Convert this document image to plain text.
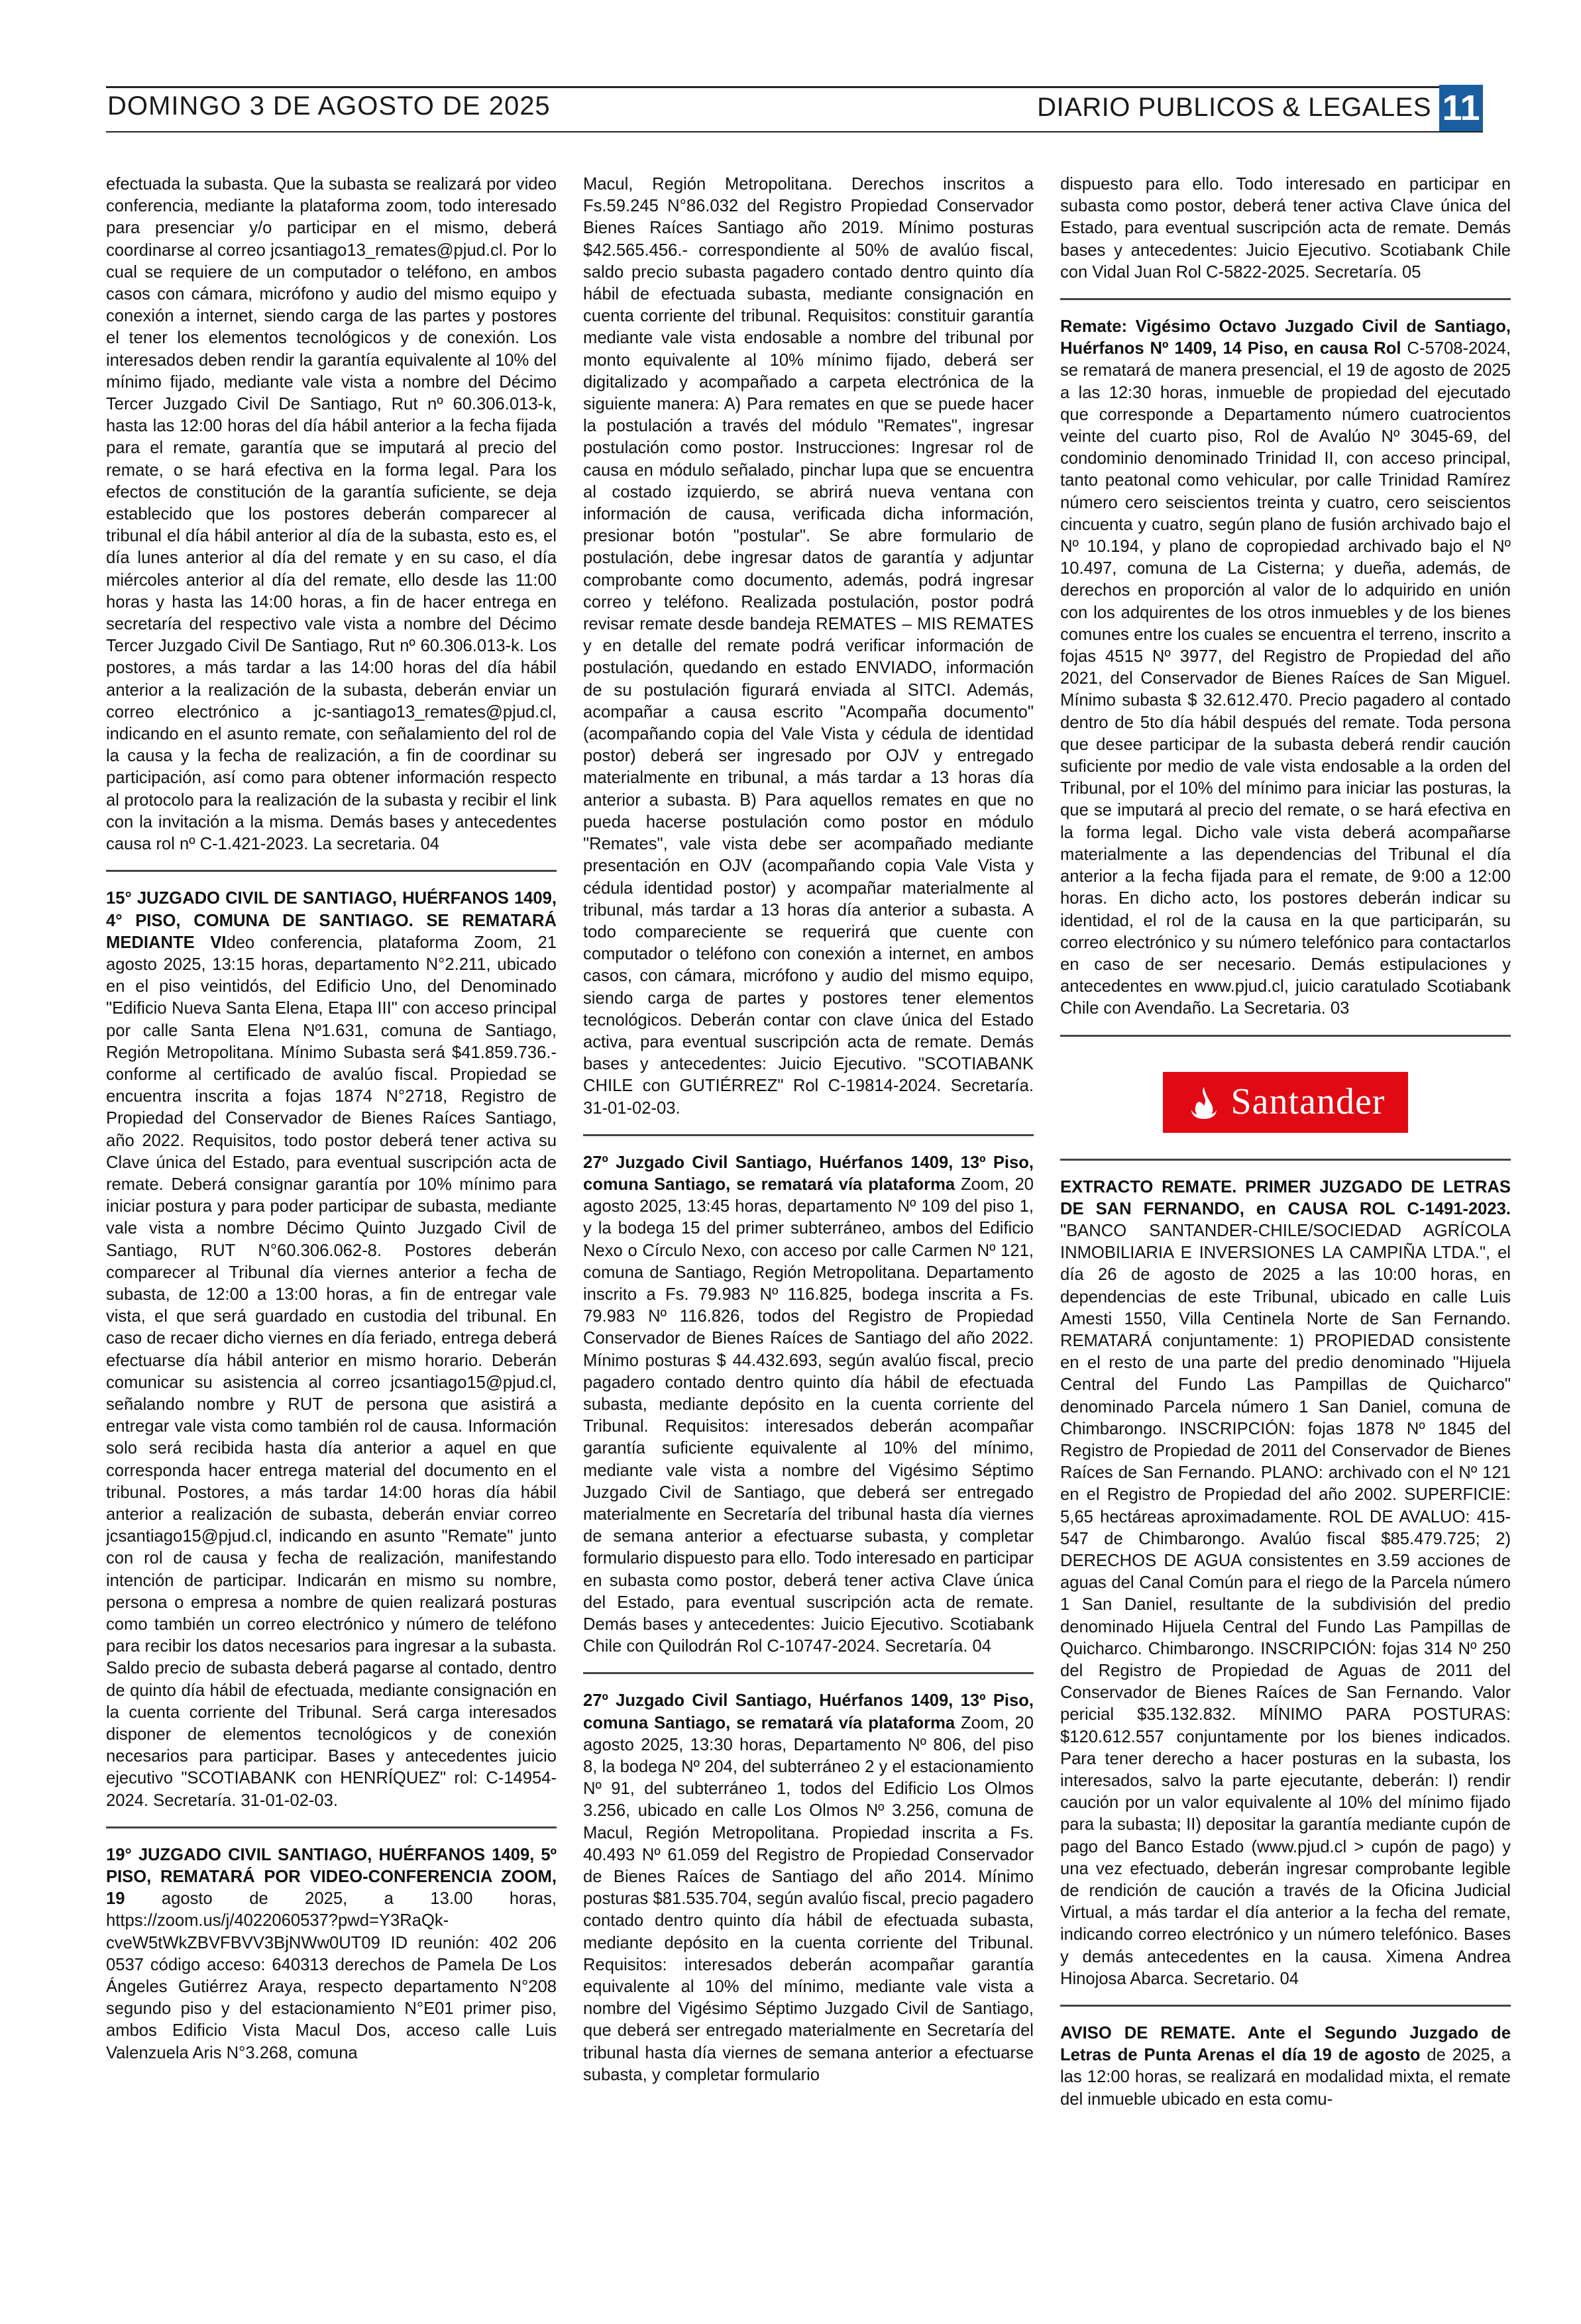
DOMINGO 3 DE AGOSTO DE 2025	DIARIO PUBLICOS & LEGALES 11

efectuada la subasta. Que la subasta se realizará por video conferencia, mediante la plataforma zoom, todo interesado para presenciar y/o participar en el mismo, deberá coordinarse al correo jcsantiago13_remates@pjud.cl. Por lo cual se requiere de un computador o teléfono, en ambos casos con cámara, micrófono y audio del mismo equipo y conexión a internet, siendo carga de las partes y postores el tener los elementos tecnológicos y de conexión. Los interesados deben rendir la garantía equivalente al 10% del mínimo fijado, mediante vale vista a nombre del Décimo Tercer Juzgado Civil De Santiago, Rut nº 60.306.013-k, hasta las 12:00 horas del día hábil anterior a la fecha fijada para el remate, garantía que se imputará al precio del remate, o se hará efectiva en la forma legal. Para los efectos de constitución de la garantía suficiente, se deja establecido que los postores deberán comparecer al tribunal el día hábil anterior al día de la subasta, esto es, el día lunes anterior al día del remate y en su caso, el día miércoles anterior al día del remate, ello desde las 11:00 horas y hasta las 14:00 horas, a fin de hacer entrega en secretaría del respectivo vale vista a nombre del Décimo Tercer Juzgado Civil De Santiago, Rut nº 60.306.013-k. Los postores, a más tardar a las 14:00 horas del día hábil anterior a la realización de la subasta, deberán enviar un correo electrónico a jc-santiago13_remates@pjud.cl, indicando en el asunto remate, con señalamiento del rol de la causa y la fecha de realización, a fin de coordinar su participación, así como para obtener información respecto al protocolo para la realización de la subasta y recibir el link con la invitación a la misma. Demás bases y antecedentes causa rol nº C-1.421-2023. La secretaria. 04

15° JUZGADO CIVIL DE SANTIAGO, HUÉRFANOS 1409, 4° PISO, COMUNA DE SANTIAGO. SE REMATARÁ MEDIANTE VIdeo conferencia, plataforma Zoom, 21 agosto 2025, 13:15 horas, departamento N°2.211, ubicado en el piso veintidós, del Edificio Uno, del Denominado "Edificio Nueva Santa Elena, Etapa III" con acceso principal por calle Santa Elena Nº1.631, comuna de Santiago, Región Metropolitana. Mínimo Subasta será $41.859.736.- conforme al certificado de avalúo fiscal. Propiedad se encuentra inscrita a fojas 1874 N°2718, Registro de Propiedad del Conservador de Bienes Raíces Santiago, año 2022. Requisitos, todo postor deberá tener activa su Clave única del Estado, para eventual suscripción acta de remate. Deberá consignar garantía por 10% mínimo para iniciar postura y para poder participar de subasta, mediante vale vista a nombre Décimo Quinto Juzgado Civil de Santiago, RUT N°60.306.062-8. Postores deberán comparecer al Tribunal día viernes anterior a fecha de subasta, de 12:00 a 13:00 horas, a fin de entregar vale vista, el que será guardado en custodia del tribunal. En caso de recaer dicho viernes en día feriado, entrega deberá efectuarse día hábil anterior en mismo horario. Deberán comunicar su asistencia al correo jcsantiago15@pjud.cl, señalando nombre y RUT de persona que asistirá a entregar vale vista como también rol de causa. Información solo será recibida hasta día anterior a aquel en que corresponda hacer entrega material del documento en el tribunal. Postores, a más tardar 14:00 horas día hábil anterior a realización de subasta, deberán enviar correo jcsantiago15@pjud.cl, indicando en asunto "Remate" junto con rol de causa y fecha de realización, manifestando intención de participar. Indicarán en mismo su nombre, persona o empresa a nombre de quien realizará posturas como también un correo electrónico y número de teléfono para recibir los datos necesarios para ingresar a la subasta. Saldo precio de subasta deberá pagarse al contado, dentro de quinto día hábil de efectuada, mediante consignación en la cuenta corriente del Tribunal. Será carga interesados disponer de elementos tecnológicos y de conexión necesarios para participar. Bases y antecedentes juicio ejecutivo "SCOTIABANK con HENRÍQUEZ" rol: C-14954-2024. Secretaría. 31-01-02-03.

19° JUZGADO CIVIL SANTIAGO, HUÉRFANOS 1409, 5º PISO, REMATARÁ POR VIDEO-CONFERENCIA ZOOM, 19 agosto de 2025, a 13.00 horas, https://zoom.us/j/4022060537?pwd=Y3RaQk-cveW5tWkZBVFBVV3BjNWw0UT09 ID reunión: 402 206 0537 código acceso: 640313 derechos de Pamela De Los Ángeles Gutiérrez Araya, respecto departamento N°208 segundo piso y del estacionamiento N°E01 primer piso, ambos Edificio Vista Macul Dos, acceso calle Luis Valenzuela Aris N°3.268, comuna

Macul, Región Metropolitana. Derechos inscritos a Fs.59.245 N°86.032 del Registro Propiedad Conservador Bienes Raíces Santiago año 2019. Mínimo posturas $42.565.456.- correspondiente al 50% de avalúo fiscal, saldo precio subasta pagadero contado dentro quinto día hábil de efectuada subasta, mediante consignación en cuenta corriente del tribunal. Requisitos: constituir garantía mediante vale vista endosable a nombre del tribunal por monto equivalente al 10% mínimo fijado, deberá ser digitalizado y acompañado a carpeta electrónica de la siguiente manera: A) Para remates en que se puede hacer la postulación a través del módulo "Remates", ingresar postulación como postor. Instrucciones: Ingresar rol de causa en módulo señalado, pinchar lupa que se encuentra al costado izquierdo, se abrirá nueva ventana con información de causa, verificada dicha información, presionar botón "postular". Se abre formulario de postulación, debe ingresar datos de garantía y adjuntar comprobante como documento, además, podrá ingresar correo y teléfono. Realizada postulación, postor podrá revisar remate desde bandeja REMATES – MIS REMATES y en detalle del remate podrá verificar información de postulación, quedando en estado ENVIADO, información de su postulación figurará enviada al SITCI. Además, acompañar a causa escrito "Acompaña documento" (acompañando copia del Vale Vista y cédula de identidad postor) deberá ser ingresado por OJV y entregado materialmente en tribunal, a más tardar a 13 horas día anterior a subasta. B) Para aquellos remates en que no pueda hacerse postulación como postor en módulo "Remates", vale vista debe ser acompañado mediante presentación en OJV (acompañando copia Vale Vista y cédula identidad postor) y acompañar materialmente al tribunal, más tardar a 13 horas día anterior a subasta. A todo compareciente se requerirá que cuente con computador o teléfono con conexión a internet, en ambos casos, con cámara, micrófono y audio del mismo equipo, siendo carga de partes y postores tener elementos tecnológicos. Deberán contar con clave única del Estado activa, para eventual suscripción acta de remate. Demás bases y antecedentes: Juicio Ejecutivo. "SCOTIABANK CHILE con GUTIÉRREZ" Rol C-19814-2024. Secretaría. 31-01-02-03.

27º Juzgado Civil Santiago, Huérfanos 1409, 13º Piso, comuna Santiago, se rematará vía plataforma Zoom, 20 agosto 2025, 13:45 horas, departamento Nº 109 del piso 1, y la bodega 15 del primer subterráneo, ambos del Edificio Nexo o Círculo Nexo, con acceso por calle Carmen Nº 121, comuna de Santiago, Región Metropolitana. Departamento inscrito a Fs. 79.983 Nº 116.825, bodega inscrita a Fs. 79.983 Nº 116.826, todos del Registro de Propiedad Conservador de Bienes Raíces de Santiago del año 2022. Mínimo posturas $ 44.432.693, según avalúo fiscal, precio pagadero contado dentro quinto día hábil de efectuada subasta, mediante depósito en la cuenta corriente del Tribunal. Requisitos: interesados deberán acompañar garantía suficiente equivalente al 10% del mínimo, mediante vale vista a nombre del Vigésimo Séptimo Juzgado Civil de Santiago, que deberá ser entregado materialmente en Secretaría del tribunal hasta día viernes de semana anterior a efectuarse subasta, y completar formulario dispuesto para ello. Todo interesado en participar en subasta como postor, deberá tener activa Clave única del Estado, para eventual suscripción acta de remate. Demás bases y antecedentes: Juicio Ejecutivo. Scotiabank Chile con Quilodrán Rol C-10747-2024. Secretaría. 04

27º Juzgado Civil Santiago, Huérfanos 1409, 13º Piso, comuna Santiago, se rematará vía plataforma Zoom, 20 agosto 2025, 13:30 horas, Departamento Nº 806, del piso 8, la bodega Nº 204, del subterráneo 2 y el estacionamiento Nº 91, del subterráneo 1, todos del Edificio Los Olmos 3.256, ubicado en calle Los Olmos Nº 3.256, comuna de Macul, Región Metropolitana. Propiedad inscrita a Fs. 40.493 Nº 61.059 del Registro de Propiedad Conservador de Bienes Raíces de Santiago del año 2014. Mínimo posturas $81.535.704, según avalúo fiscal, precio pagadero contado dentro quinto día hábil de efectuada subasta, mediante depósito en la cuenta corriente del Tribunal. Requisitos: interesados deberán acompañar garantía equivalente al 10% del mínimo, mediante vale vista a nombre del Vigésimo Séptimo Juzgado Civil de Santiago, que deberá ser entregado materialmente en Secretaría del tribunal hasta día viernes de semana anterior a efectuarse subasta, y completar formulario

dispuesto para ello. Todo interesado en participar en subasta como postor, deberá tener activa Clave única del Estado, para eventual suscripción acta de remate. Demás bases y antecedentes: Juicio Ejecutivo. Scotiabank Chile con Vidal Juan Rol C-5822-2025. Secretaría. 05

Remate: Vigésimo Octavo Juzgado Civil de Santiago, Huérfanos Nº 1409, 14 Piso, en causa Rol C-5708-2024, se rematará de manera presencial, el 19 de agosto de 2025 a las 12:30 horas, inmueble de propiedad del ejecutado que corresponde a Departamento número cuatrocientos veinte del cuarto piso, Rol de Avalúo Nº 3045-69, del condominio denominado Trinidad II, con acceso principal, tanto peatonal como vehicular, por calle Trinidad Ramírez número cero seiscientos treinta y cuatro, cero seiscientos cincuenta y cuatro, según plano de fusión archivado bajo el Nº 10.194, y plano de copropiedad archivado bajo el Nº 10.497, comuna de La Cisterna; y dueña, además, de derechos en proporción al valor de lo adquirido en unión con los adquirentes de los otros inmuebles y de los bienes comunes entre los cuales se encuentra el terreno, inscrito a fojas 4515 Nº 3977, del Registro de Propiedad del año 2021, del Conservador de Bienes Raíces de San Miguel. Mínimo subasta $ 32.612.470. Precio pagadero al contado dentro de 5to día hábil después del remate. Toda persona que desee participar de la subasta deberá rendir caución suficiente por medio de vale vista endosable a la orden del Tribunal, por el 10% del mínimo para iniciar las posturas, la que se imputará al precio del remate, o se hará efectiva en la forma legal. Dicho vale vista deberá acompañarse materialmente a las dependencias del Tribunal el día anterior a la fecha fijada para el remate, de 9:00 a 12:00 horas. En dicho acto, los postores deberán indicar su identidad, el rol de la causa en la que participarán, su correo electrónico y su número telefónico para contactarlos en caso de ser necesario. Demás estipulaciones y antecedentes en www.pjud.cl, juicio caratulado Scotiabank Chile con Avendaño. La Secretaria. 03

Santander

EXTRACTO REMATE. PRIMER JUZGADO DE LETRAS DE SAN FERNANDO, en CAUSA ROL C-1491-2023. "BANCO SANTANDER-CHILE/SOCIEDAD AGRÍCOLA INMOBILIARIA E INVERSIONES LA CAMPIÑA LTDA.", el día 26 de agosto de 2025 a las 10:00 horas, en dependencias de este Tribunal, ubicado en calle Luis Amesti 1550, Villa Centinela Norte de San Fernando. REMATARÁ conjuntamente: 1) PROPIEDAD consistente en el resto de una parte del predio denominado "Hijuela Central del Fundo Las Pampillas de Quicharco" denominado Parcela número 1 San Daniel, comuna de Chimbarongo. INSCRIPCIÓN: fojas 1878 Nº 1845 del Registro de Propiedad de 2011 del Conservador de Bienes Raíces de San Fernando. PLANO: archivado con el Nº 121 en el Registro de Propiedad del año 2002. SUPERFICIE: 5,65 hectáreas aproximadamente. ROL DE AVALUO: 415-547 de Chimbarongo. Avalúo fiscal $85.479.725; 2) DERECHOS DE AGUA consistentes en 3.59 acciones de aguas del Canal Común para el riego de la Parcela número 1 San Daniel, resultante de la subdivisión del predio denominado Hijuela Central del Fundo Las Pampillas de Quicharco. Chimbarongo. INSCRIPCIÓN: fojas 314 Nº 250 del Registro de Propiedad de Aguas de 2011 del Conservador de Bienes Raíces de San Fernando. Valor pericial $35.132.832. MÍNIMO PARA POSTURAS: $120.612.557 conjuntamente por los bienes indicados. Para tener derecho a hacer posturas en la subasta, los interesados, salvo la parte ejecutante, deberán: I) rendir caución por un valor equivalente al 10% del mínimo fijado para la subasta; II) depositar la garantía mediante cupón de pago del Banco Estado (www.pjud.cl > cupón de pago) y una vez efectuado, deberán ingresar comprobante legible de rendición de caución a través de la Oficina Judicial Virtual, a más tardar el día anterior a la fecha del remate, indicando correo electrónico y un número telefónico. Bases y demás antecedentes en la causa. Ximena Andrea Hinojosa Abarca. Secretario. 04

AVISO DE REMATE. Ante el Segundo Juzgado de Letras de Punta Arenas el día 19 de agosto de 2025, a las 12:00 horas, se realizará en modalidad mixta, el remate del inmueble ubicado en esta comu-
